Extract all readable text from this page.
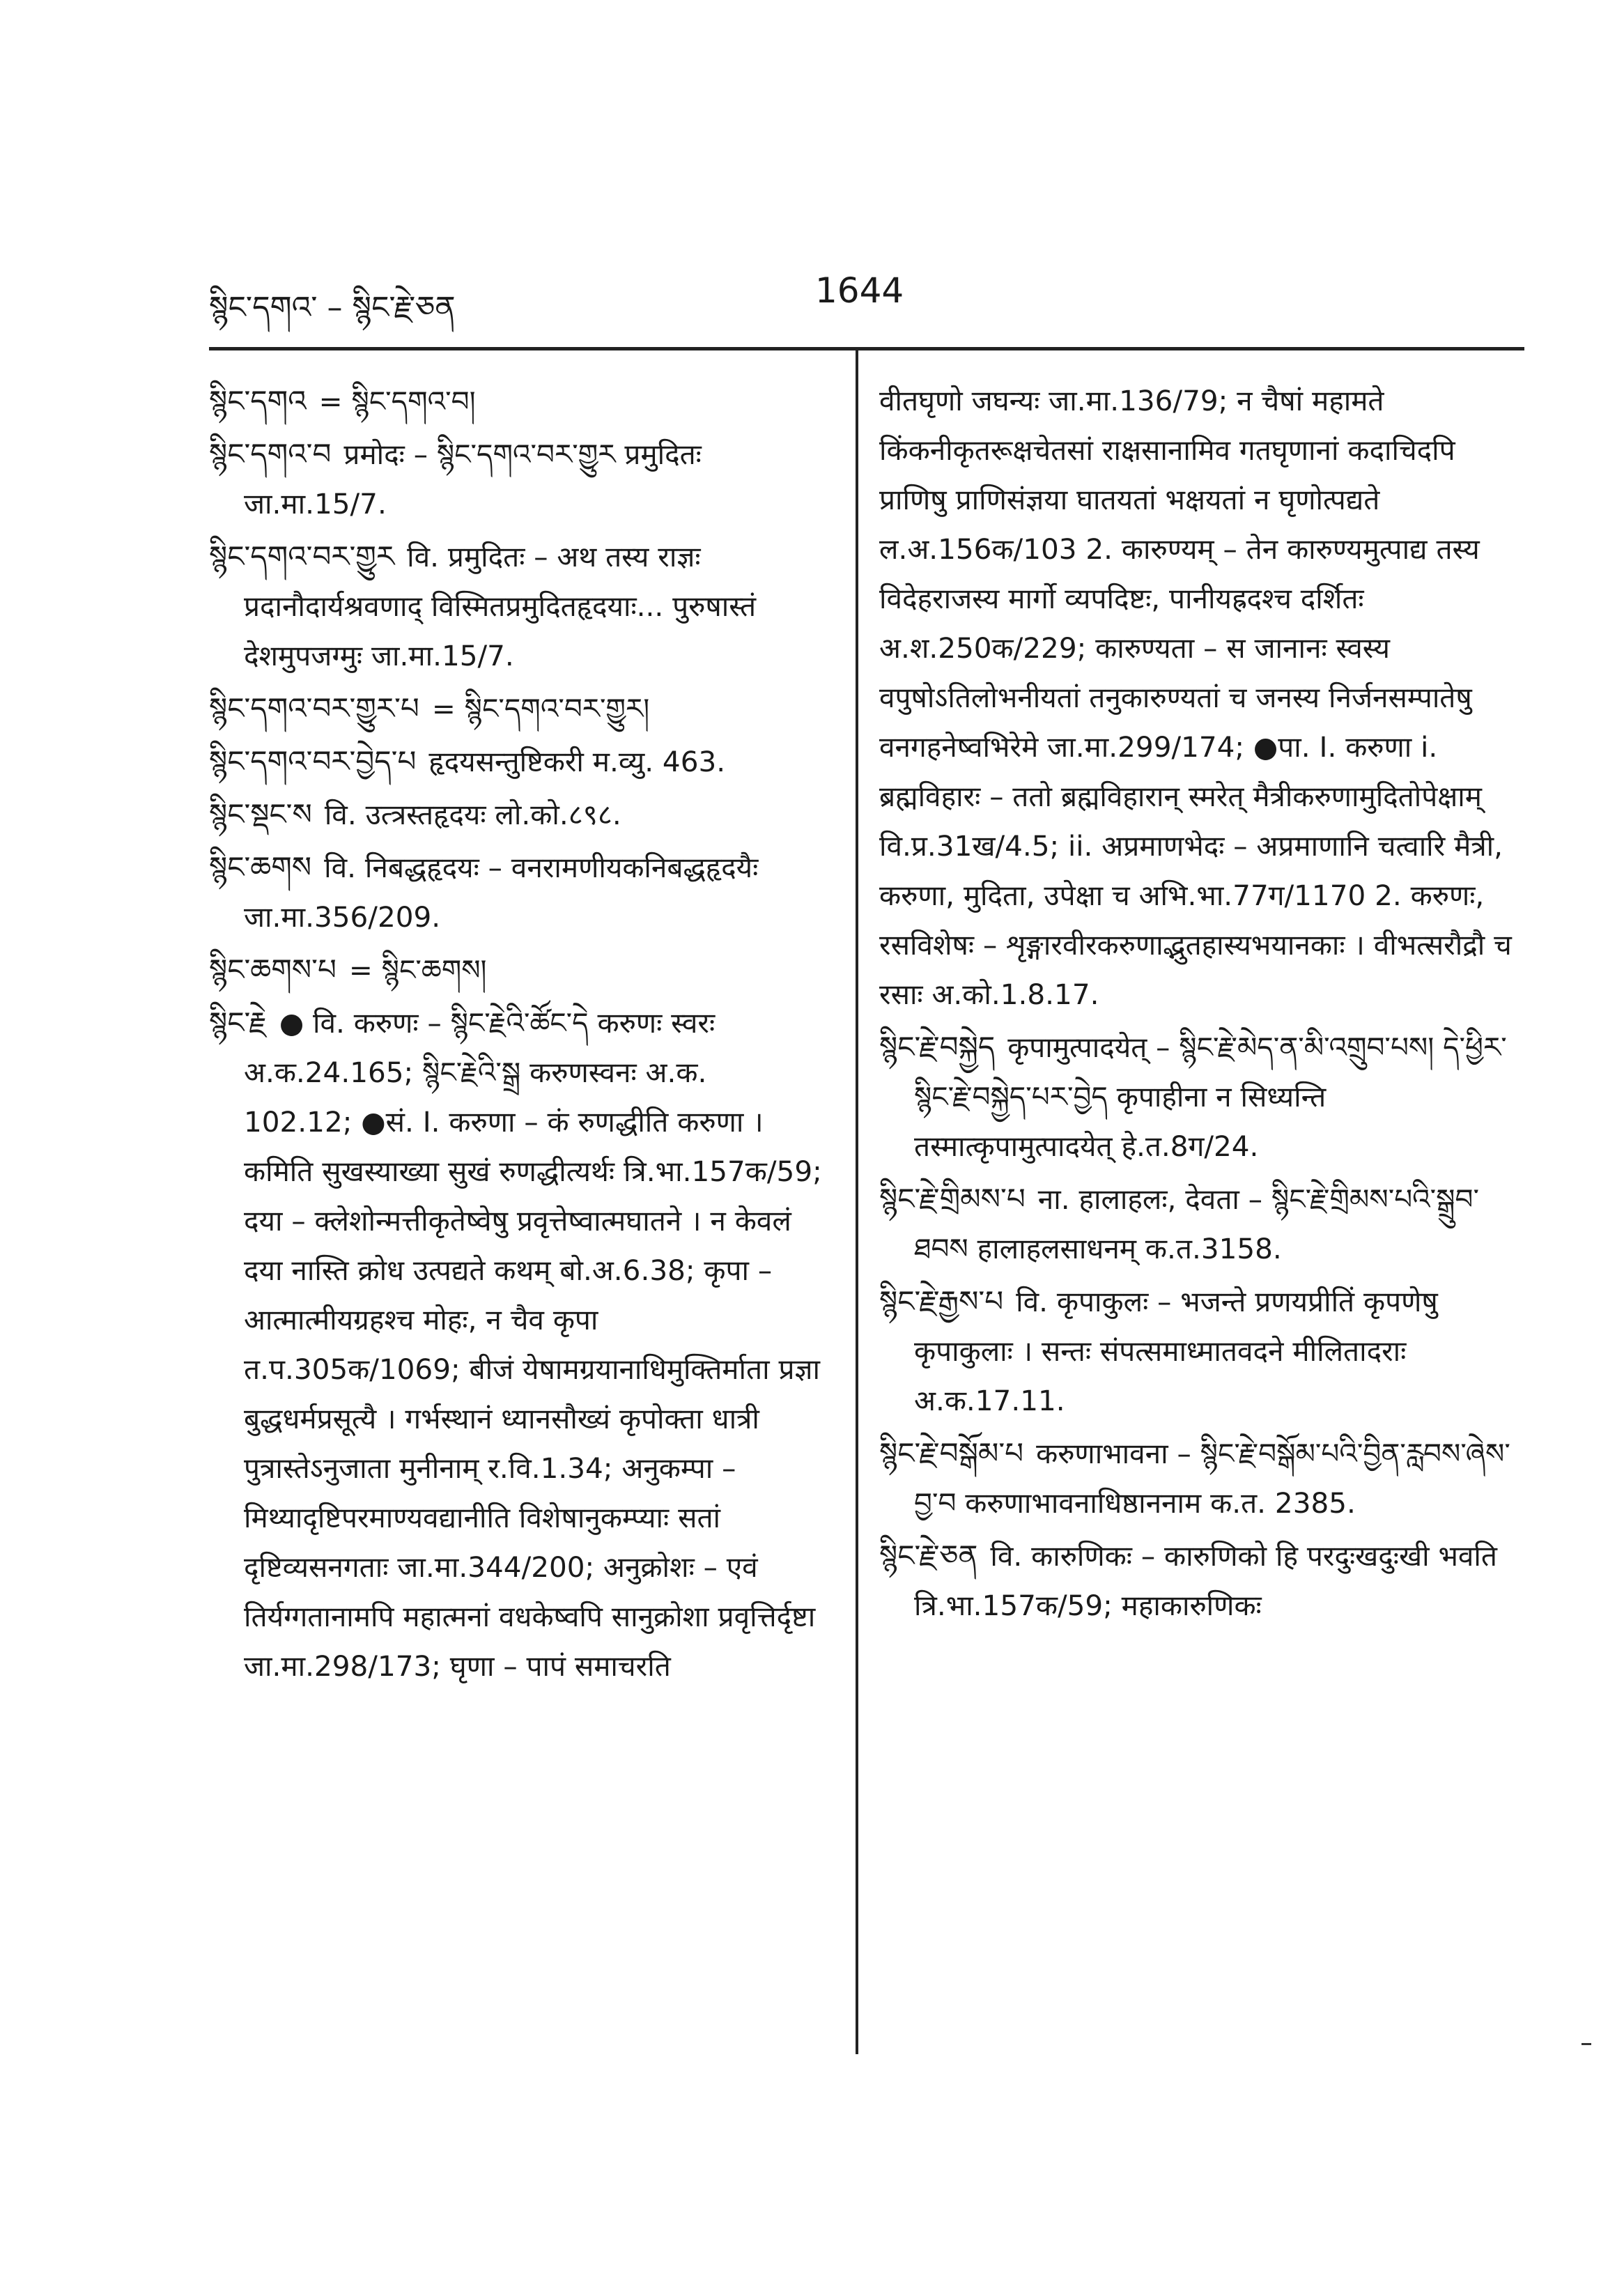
སྙིང་དགའ་ – སྙིང་རྗེ་ཅན	1644

སྙིང་དགའ = སྙིང་དགའ་བ།

སྙིང་དགའ་བ प्रमोदः – སྙིང་དགའ་བར་གྱུར प्रमुदितः जा.मा.15/7.

སྙིང་དགའ་བར་གྱུར वि. प्रमुदितः – अथ तस्य राज्ञः प्रदानौदार्यश्रवणाद् विस्मितप्रमुदितहृदयाः... पुरुषास्तं देशमुपजग्मुः जा.मा.15/7.

སྙིང་དགའ་བར་གྱུར་པ = སྙིང་དགའ་བར་གྱུར།

སྙིང་དགའ་བར་བྱེད་པ हृदयसन्तुष्टिकरी म.व्यु. 463.

སྙིང་སྡང་ས वि. उत्त्रस्तहृदयः लो.को.८९८.

སྙིང་ཆགས वि. निबद्धहृदयः – वनरामणीयकनिबद्धहृदयैः जा.मा.356/209.

སྙིང་ཆགས་པ = སྙིང་ཆགས།

སྙིང་རྗེ ● वि. करुणः – སྙིང་རྗེའི་ཚོང་དེ करुणः स्वरः अ.क.24.165; སྙིང་རྗེའི་སྒྲ करुणस्वनः अ.क. 102.12; ●सं. I. करुणा – कं रुणद्धीति करुणा । कमिति सुखस्याख्या सुखं रुणद्धीत्यर्थः त्रि.भा.157क/59; दया – क्लेशोन्मत्तीकृतेष्वेषु प्रवृत्तेष्वात्मघातने । न केवलं दया नास्ति क्रोध उत्पद्यते कथम् बो.अ.6.38; कृपा – आत्मात्मीयग्रहश्च मोहः, न चैव कृपा त.प.305क/1069; बीजं येषामग्रयानाधिमुक्तिर्माता प्रज्ञा बुद्धधर्मप्रसूत्यै । गर्भस्थानं ध्यानसौख्यं कृपोक्ता धात्री पुत्रास्तेऽनुजाता मुनीनाम् र.वि.1.34; अनुकम्पा – मिथ्यादृष्टिपरमाण्यवद्यानीति विशेषानुकम्प्याः सतां दृष्टिव्यसनगताः जा.मा.344/200; अनुक्रोशः – एवं तिर्यग्गतानामपि महात्मनां वधकेष्वपि सानुक्रोशा प्रवृत्तिर्दृष्टा जा.मा.298/173; घृणा – पापं समाचरति

वीतघृणो जघन्यः जा.मा.136/79; न चैषां महामते किंकनीकृतरूक्षचेतसां राक्षसानामिव गतघृणानां कदाचिदपि प्राणिषु प्राणिसंज्ञया घातयतां भक्षयतां न घृणोत्पद्यते ल.अ.156क/103 2. कारुण्यम् – तेन कारुण्यमुत्पाद्य तस्य विदेहराजस्य मार्गो व्यपदिष्टः, पानीयह्रदश्च दर्शितः अ.श.250क/229; कारुण्यता – स जानानः स्वस्य वपुषोऽतिलोभनीयतां तनुकारुण्यतां च जनस्य निर्जनसम्पातेषु वनगहनेष्वभिरेमे जा.मा.299/174; ●पा. I. करुणा i. ब्रह्मविहारः – ततो ब्रह्मविहारान् स्मरेत् मैत्रीकरुणामुदितोपेक्षाम् वि.प्र.31ख/4.5; ii. अप्रमाणभेदः – अप्रमाणानि चत्वारि मैत्री, करुणा, मुदिता, उपेक्षा च अभि.भा.77ग/1170 2. करुणः, रसविशेषः – शृङ्गारवीरकरुणाद्भुतहास्यभयानकाः । वीभत्सरौद्रौ च रसाः अ.को.1.8.17.

སྙིང་རྗེ་བསྐྱེད कृपामुत्पादयेत् – སྙིང་རྗེ་མེད་ན་མི་འགྲུབ་པས། དེ་ཕྱིར་སྙིང་རྗེ་བསྐྱེད་པར་བྱེད कृपाहीना न सिध्यन्ति तस्मात्कृपामुत्पादयेत् हे.त.8ग/24.

སྙིང་རྗེ་གྲིམས་པ ना. हालाहलः, देवता – སྙིང་རྗེ་གྲིམས་པའི་སྒྲུབ་ཐབས हालाहलसाधनम् क.त.3158.

སྙིང་རྗེ་རྒྱས་པ वि. कृपाकुलः – भजन्ते प्रणयप्रीतिं कृपणेषु कृपाकुलाः । सन्तः संपत्समाध्मातवदने मीलितादराः अ.क.17.11.

སྙིང་རྗེ་བསྒོམ་པ करुणाभावना – སྙིང་རྗེ་བསྒོམ་པའི་བྱིན་རླབས་ཞེས་བྱ་བ करुणाभावनाधिष्ठाननाम क.त. 2385.

སྙིང་རྗེ་ཅན वि. कारुणिकः – कारुणिको हि परदुःखदुःखी भवति त्रि.भा.157क/59; महाकारुणिकः
